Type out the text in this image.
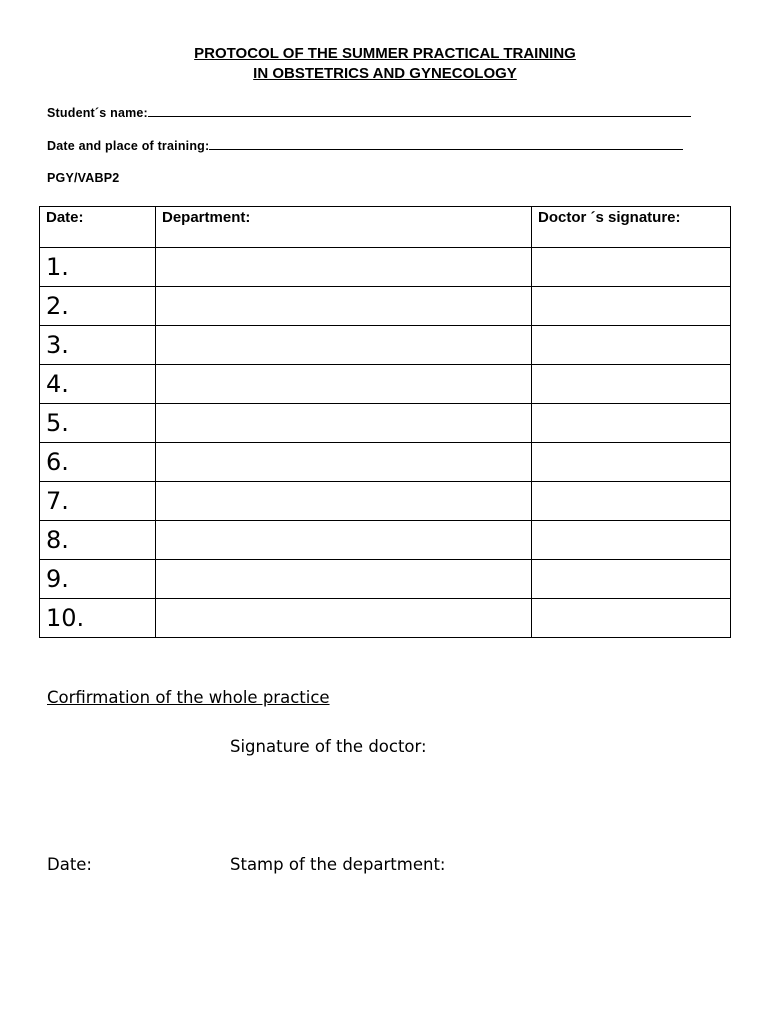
PROTOCOL OF THE SUMMER PRACTICAL TRAINING
IN OBSTETRICS AND GYNECOLOGY
Student´s name:
Date and place of training:
PGY/VABP2
Date:	Department:	Doctor ´s signature:
1.		
2.		
3.		
4.		
5.		
6.		
7.		
8.		
9.		
10.		
Corfirmation of the whole practice
Signature of the doctor:
Date:	Stamp of the department:
